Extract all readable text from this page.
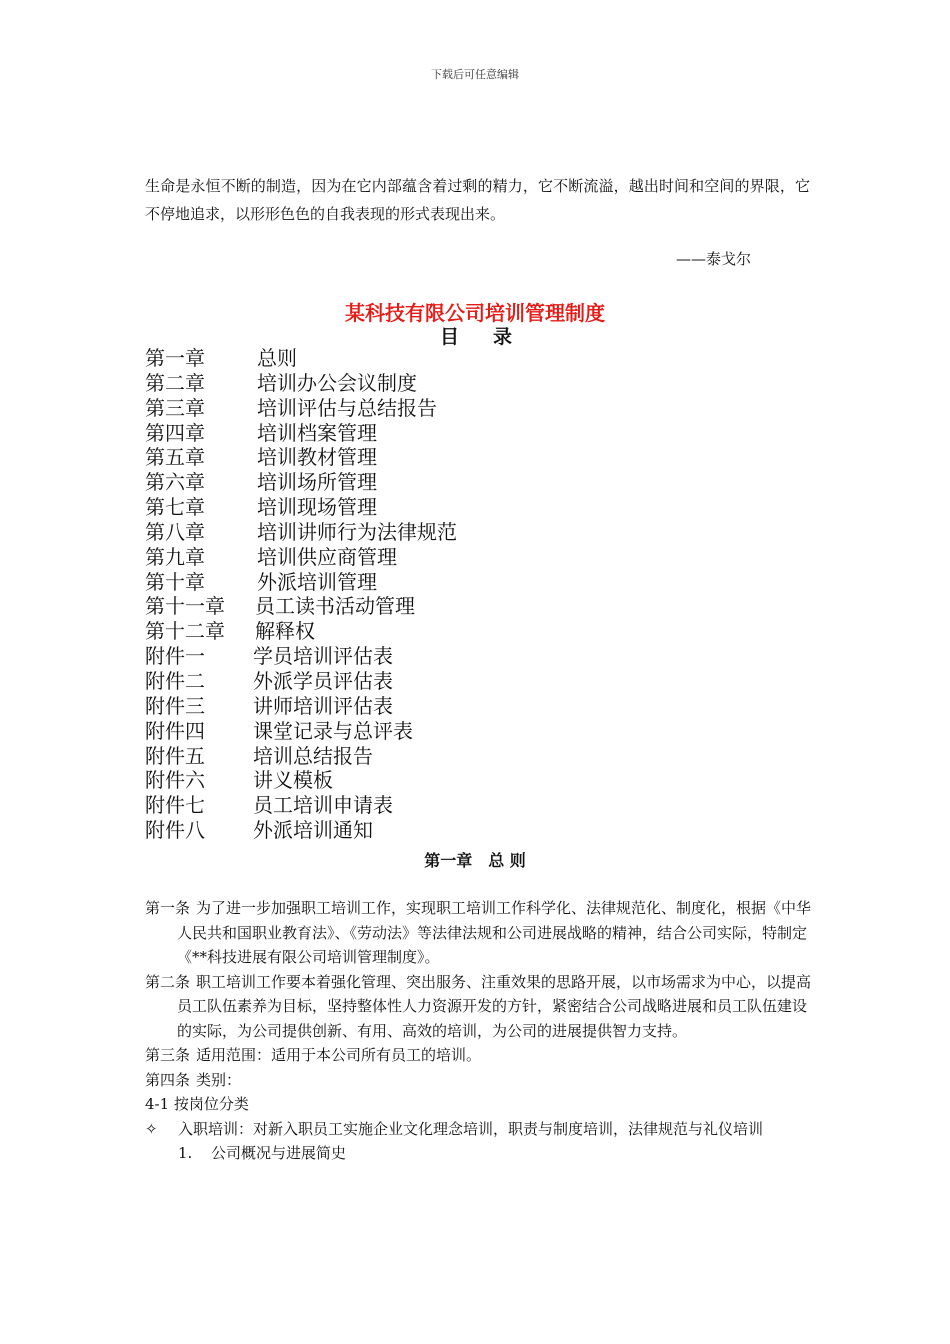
下载后可任意编辑

生命是永恒不断的制造，因为在它内部蕴含着过剩的精力，它不断流溢，越出时间和空间的界限，它不停地追求，以形形色色的自我表现的形式表现出来。

——泰戈尔
某科技有限公司培训管理制度
目录
第一章	总则
第二章	培训办公会议制度
第三章	培训评估与总结报告
第四章	培训档案管理
第五章	培训教材管理
第六章	培训场所管理
第七章	培训现场管理
第八章	培训讲师行为法律规范
第九章	培训供应商管理
第十章	外派培训管理
第十一章 员工读书活动管理
第十二章 解释权
附件一 学员培训评估表
附件二 外派学员评估表
附件三 讲师培训评估表
附件四 课堂记录与总评表
附件五 培训总结报告
附件六 讲义模板
附件七 员工培训申请表
附件八 外派培训通知
第一章 总 则

第一条 为了进一步加强职工培训工作，实现职工培训工作科学化、法律规范化、制度化，根据《中华人民共和国职业教育法》、《劳动法》等法律法规和公司进展战略的精神，结合公司实际，特制定《**科技进展有限公司培训管理制度》。

第二条 职工培训工作要本着强化管理、突出服务、注重效果的思路开展，以市场需求为中心，以提高员工队伍素养为目标，坚持整体性人力资源开发的方针，紧密结合公司战略进展和员工队伍建设的实际，为公司提供创新、有用、高效的培训，为公司的进展提供智力支持。

第三条 适用范围：适用于本公司所有员工的培训。

第四条 类别：

4-1 按岗位分类

✧ 入职培训：对新入职员工实施企业文化理念培训，职责与制度培训，法律规范与礼仪培训

1. 公司概况与进展简史
